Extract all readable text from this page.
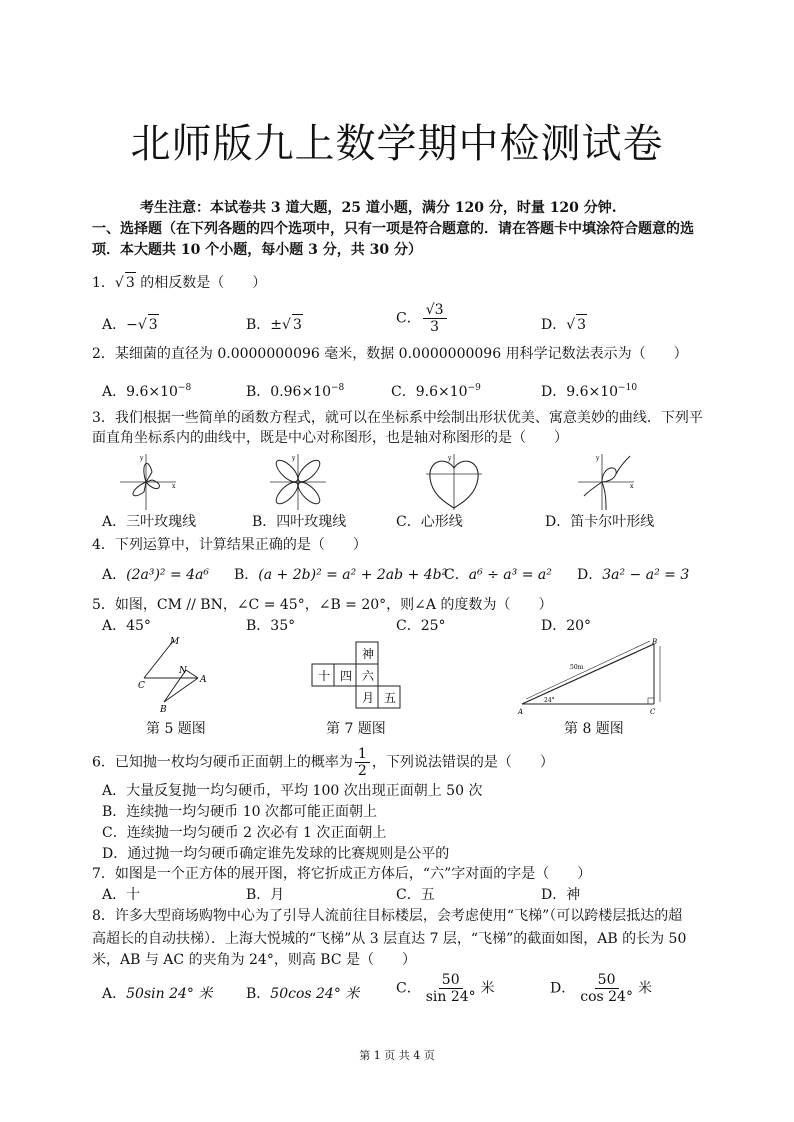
北师版九上数学期中检测试卷
考生注意：本试卷共 3 道大题，25 道小题，满分 120 分，时量 120 分钟.
一、选择题（在下列各题的四个选项中，只有一项是符合题意的．请在答题卡中填涂符合题意的选
项．本大题共 10 个小题，每小题 3 分，共 30 分）
1．√ 3 的相反数是（　　）
A．−√ 3	B．±√ 3	C． $\frac{√3}{3}$	D．√ 3
2．某细菌的直径为 0.0000000096 毫米，数据 0.0000000096 用科学记数法表示为（　　）
A．$9.6\times 10^{-8}$	B．$0.96\times 10^{-8}$	C．$9.6\times 10^{-9}$	D．$9.6\times 10^{-10}$
3．我们根据一些简单的函数方程式，就可以在坐标系中绘制出形状优美、寓意美妙的曲线．下列平
面直角坐标系内的曲线中，既是中心对称图形，也是轴对称图形的是（　　）
y
x
y	y	y
x
A．三叶玫瑰线	B．四叶玫瑰线	C．心形线	D．笛卡尔叶形线
4．下列运算中，计算结果正确的是（　　）
A．(2a³)² = 4a⁶ B．(a + 2b)² = a² + 2ab + 4b²
C．a⁶ ÷ a³ = a² D．3a² − a² = 3
5．如图，CM // BN，∠C = 45°，∠B = 20°，则∠A 的度数为（　　）
A．45°	B．35°	C．25°	D．20°
M
N
C
A
B
神
十 四 六
月 五
A
B
C
50m
24°
第 5 题图	第 7 题图	第 8 题图
6．已知抛一枚均匀硬币正面朝上的概率为 $\frac{1}{2}$ ，下列说法错误的是（　　）
A．大量反复抛一均匀硬币，平均 100 次出现正面朝上 50 次
B．连续抛一均匀硬币 10 次都可能正面朝上
C．连续抛一均匀硬币 2 次必有 1 次正面朝上
D．通过抛一均匀硬币确定谁先发球的比赛规则是公平的
7．如图是一个正方体的展开图，将它折成正方体后，“六”字对面的字是（　　）
A．十	B．月	C．五	D．神
8．许多大型商场购物中心为了引导人流前往目标楼层，会考虑使用“飞梯”（可以跨楼层抵达的超
高超长的自动扶梯）．上海大悦城的“飞梯”从 3 层直达 7 层，“飞梯”的截面如图，AB 的长为 50
米，AB 与 AC 的夹角为 24°，则高 BC 是（　　）
A．50sin 24° 米 B．50cos 24° 米	C． $\frac{50}{\sin 24^\circ}$ 米	D． $\frac{50}{\cos 24^\circ}$ 米
第 1 页 共 4 页
